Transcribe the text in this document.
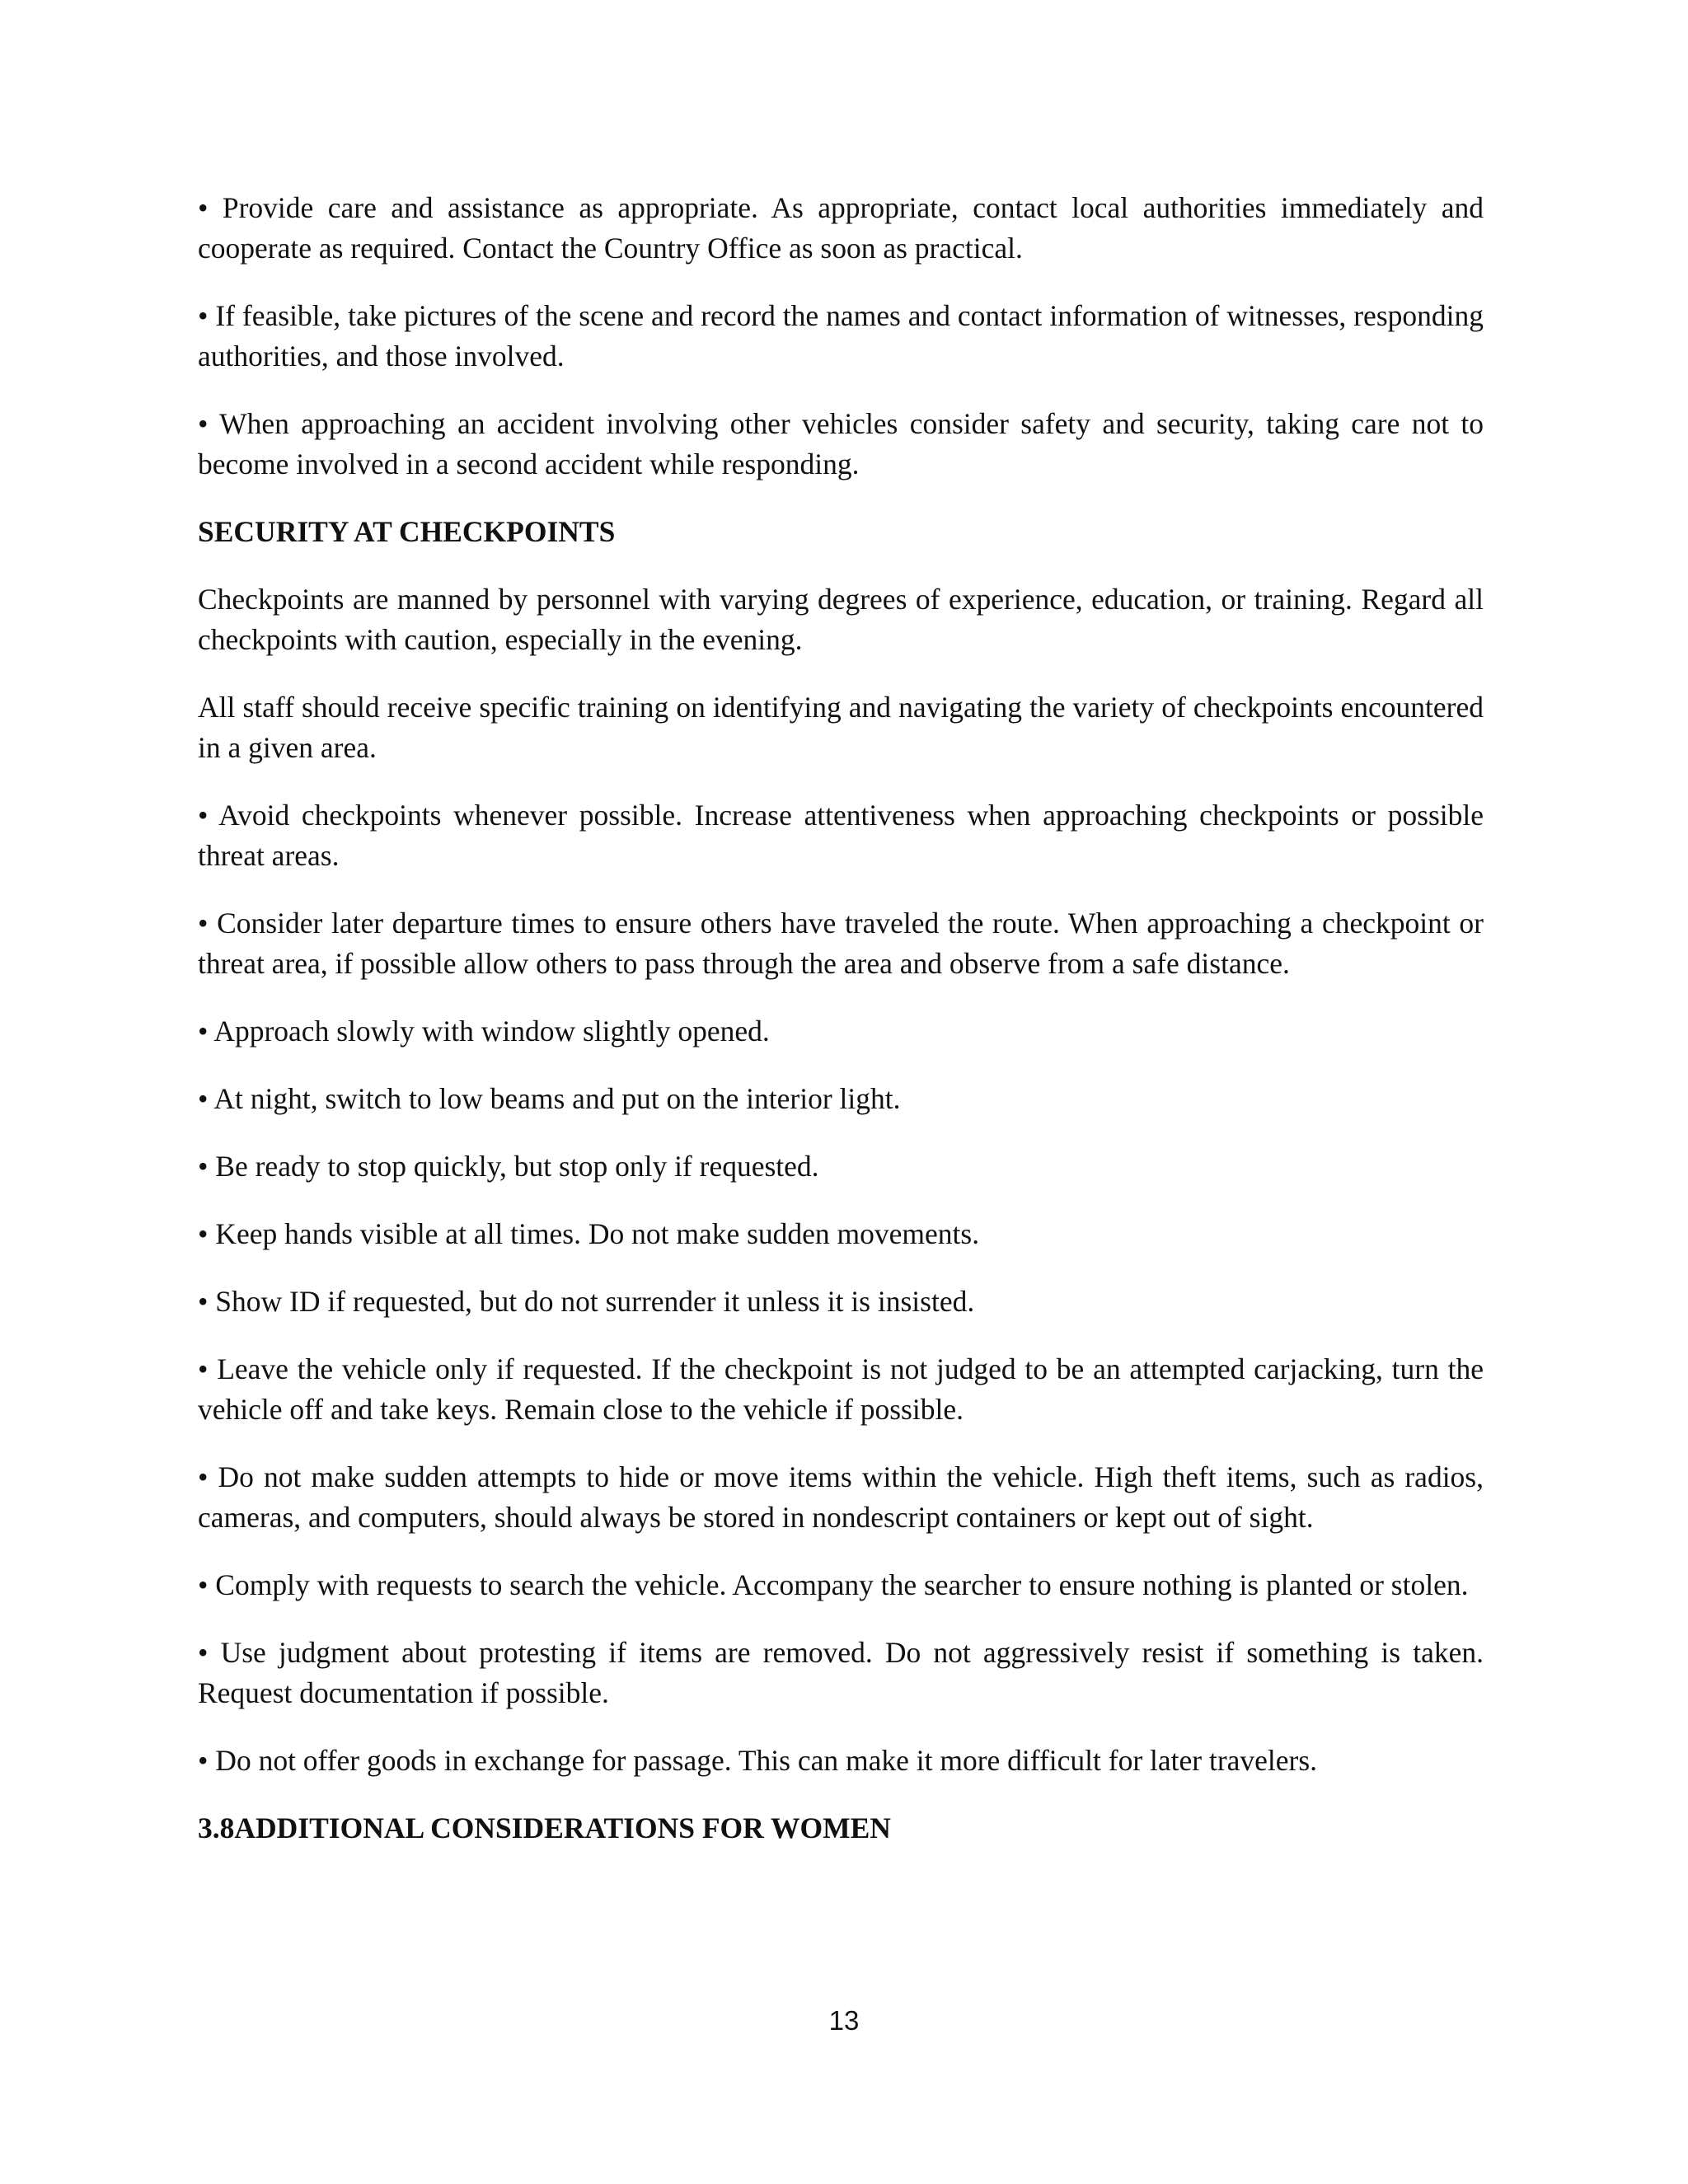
• Provide care and assistance as appropriate. As appropriate, contact local authorities immediately and cooperate as required. Contact the Country Office as soon as practical.

• If feasible, take pictures of the scene and record the names and contact information of witnesses, responding authorities, and those involved.

• When approaching an accident involving other vehicles consider safety and security, taking care not to become involved in a second accident while responding.

SECURITY AT CHECKPOINTS

Checkpoints are manned by personnel with varying degrees of experience, education, or training. Regard all checkpoints with caution, especially in the evening.

All staff should receive specific training on identifying and navigating the variety of checkpoints encountered in a given area.

• Avoid checkpoints whenever possible. Increase attentiveness when approaching checkpoints or possible threat areas.

• Consider later departure times to ensure others have traveled the route. When approaching a checkpoint or threat area, if possible allow others to pass through the area and observe from a safe distance.

• Approach slowly with window slightly opened.

• At night, switch to low beams and put on the interior light.

• Be ready to stop quickly, but stop only if requested.

• Keep hands visible at all times. Do not make sudden movements.

• Show ID if requested, but do not surrender it unless it is insisted.

• Leave the vehicle only if requested. If the checkpoint is not judged to be an attempted carjacking, turn the vehicle off and take keys. Remain close to the vehicle if possible.

• Do not make sudden attempts to hide or move items within the vehicle. High theft items, such as radios, cameras, and computers, should always be stored in nondescript containers or kept out of sight.

• Comply with requests to search the vehicle. Accompany the searcher to ensure nothing is planted or stolen.

• Use judgment about protesting if items are removed. Do not aggressively resist if something is taken. Request documentation if possible.

• Do not offer goods in exchange for passage. This can make it more difficult for later travelers.

3.8ADDITIONAL CONSIDERATIONS FOR WOMEN
13
